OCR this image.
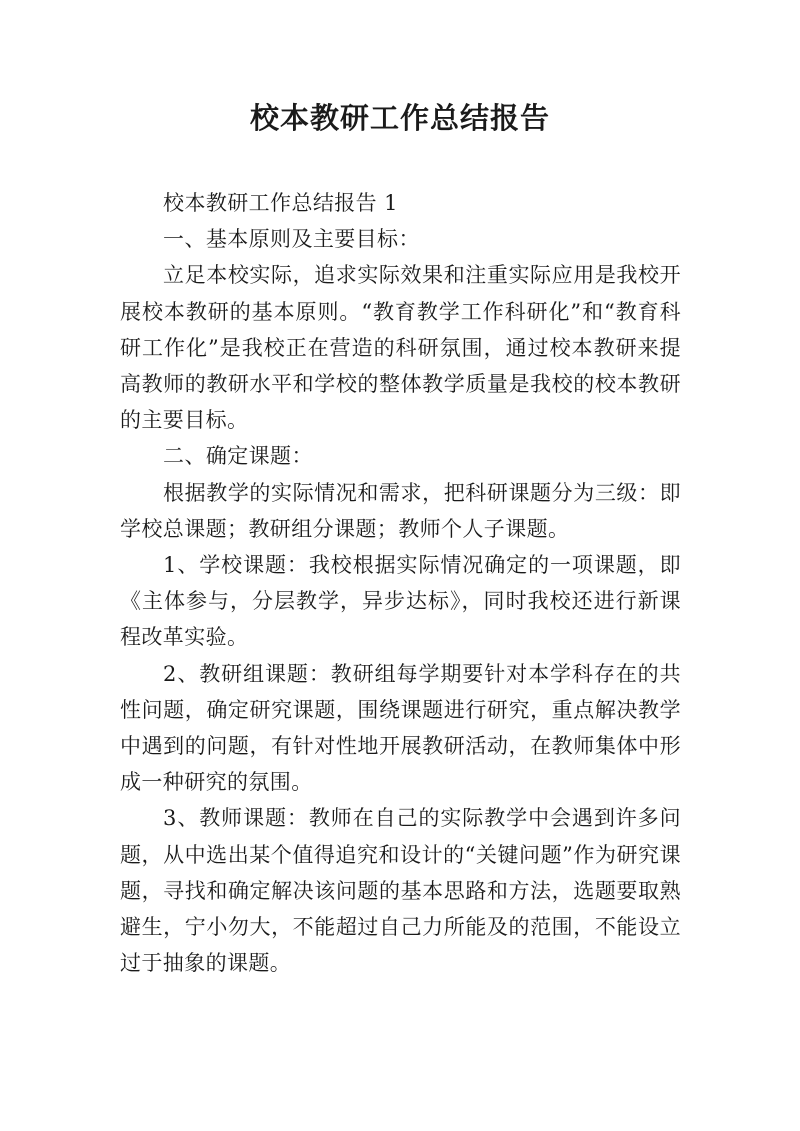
校本教研工作总结报告

校本教研工作总结报告 1

一、基本原则及主要目标：

立足本校实际，追求实际效果和注重实际应用是我校开展校本教研的基本原则。“教育教学工作科研化”和“教育科研工作化”是我校正在营造的科研氛围，通过校本教研来提高教师的教研水平和学校的整体教学质量是我校的校本教研的主要目标。

二、确定课题：

根据教学的实际情况和需求，把科研课题分为三级：即学校总课题；教研组分课题；教师个人子课题。

1、学校课题：我校根据实际情况确定的一项课题，即《主体参与，分层教学，异步达标》，同时我校还进行新课程改革实验。

2、教研组课题：教研组每学期要针对本学科存在的共性问题，确定研究课题，围绕课题进行研究，重点解决教学中遇到的问题，有针对性地开展教研活动，在教师集体中形成一种研究的氛围。

3、教师课题：教师在自己的实际教学中会遇到许多问题，从中选出某个值得追究和设计的“关键问题”作为研究课题，寻找和确定解决该问题的基本思路和方法，选题要取熟避生，宁小勿大，不能超过自己力所能及的范围，不能设立过于抽象的课题。
